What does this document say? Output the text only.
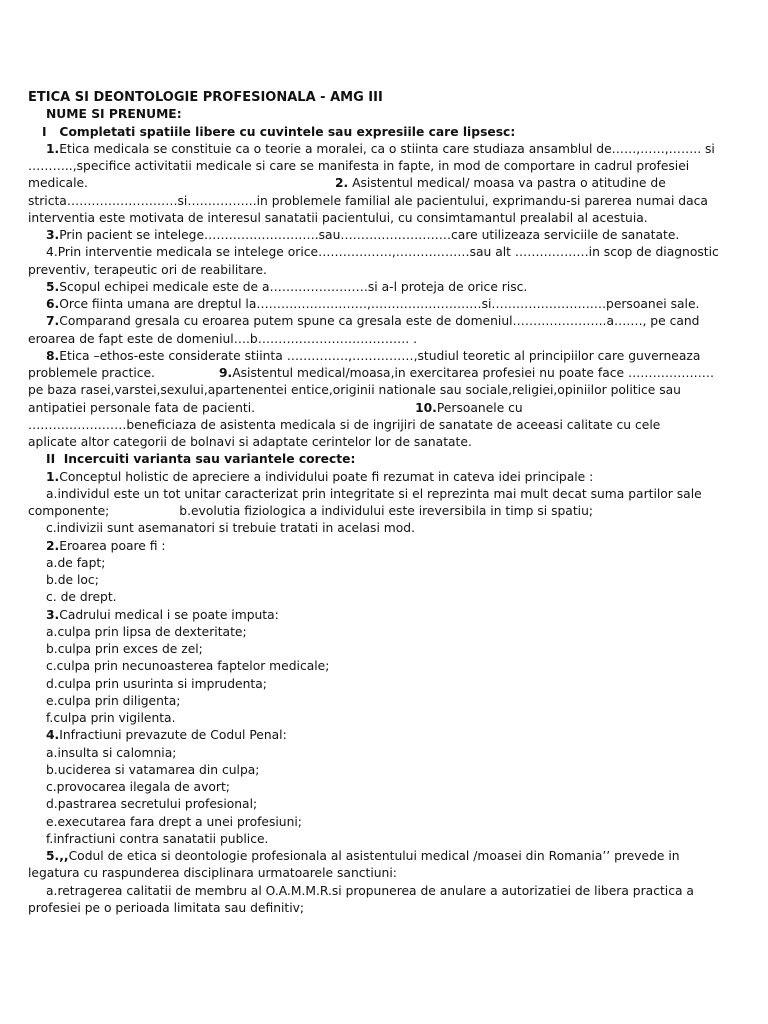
ETICA SI DEONTOLOGIE PROFESIONALA - AMG III
NUME SI PRENUME:
I Completati spatiile libere cu cuvintele sau expresiile care lipsesc:
1.Etica medicala se constituie ca o teorie a moralei, ca o stiinta care studiaza ansamblul de……,……,…….. si
………..,specifice activitatii medicale si care se manifesta in fapte, in mod de comportare in cadrul profesiei
medicale.	2. Asistentul medical/ moasa va pastra o atitudine de
stricta………………………si……………..in problemele familial ale pacientului, exprimandu-si parerea numai daca
interventia este motivata de interesul sanatatii pacientului, cu consimtamantul prealabil al acestuia.
3.Prin pacient se intelege……………………….sau………………………care utilizeaza serviciile de sanatate.
4.Prin interventie medicala se intelege orice………………,………………sau alt ………………in scop de diagnostic
preventiv, terapeutic ori de reabilitare.
5.Scopul echipei medicale este de a……………………si a-l proteja de orice risc.
6.Orce fiinta umana are dreptul la………………………,………………………si……………………….persoanei sale.
7.Comparand gresala cu eroarea putem spune ca gresala este de domeniul…………………..a……., pe cand
eroarea de fapt este de domeniul….b………………………………. .
8.Etica –ethos-este considerate stiinta ……………,……………,studiul teoretic al principiilor care guverneaza
problemele practice.	9.Asistentul medical/moasa,in exercitarea profesiei nu poate face …………………
pe baza rasei,varstei,sexului,apartenentei entice,originii nationale sau sociale,religiei,opiniilor politice sau
antipatiei personale fata de pacienti.	10.Persoanele cu
……………………beneficiaza de asistenta medicala si de ingrijiri de sanatate de aceeasi calitate cu cele
aplicate altor categorii de bolnavi si adaptate cerintelor lor de sanatate.
II Incercuiti varianta sau variantele corecte:
1.Conceptul holistic de apreciere a individului poate fi rezumat in cateva idei principale :
a.individul este un tot unitar caracterizat prin integritate si el reprezinta mai mult decat suma partilor sale
componente;	b.evolutia fiziologica a individului este ireversibila in timp si spatiu;
c.indivizii sunt asemanatori si trebuie tratati in acelasi mod.
2.Eroarea poare fi :
a.de fapt;
b.de loc;
c. de drept.
3.Cadrului medical i se poate imputa:
a.culpa prin lipsa de dexteritate;
b.culpa prin exces de zel;
c.culpa prin necunoasterea faptelor medicale;
d.culpa prin usurinta si imprudenta;
e.culpa prin diligenta;
f.culpa prin vigilenta.
4.Infractiuni prevazute de Codul Penal:
a.insulta si calomnia;
b.uciderea si vatamarea din culpa;
c.provocarea ilegala de avort;
d.pastrarea secretului profesional;
e.executarea fara drept a unei profesiuni;
f.infractiuni contra sanatatii publice.
5.,,Codul de etica si deontologie profesionala al asistentului medical /moasei din Romania’’ prevede in
legatura cu raspunderea disciplinara urmatoarele sanctiuni:
a.retragerea calitatii de membru al O.A.M.M.R.si propunerea de anulare a autorizatiei de libera practica a
profesiei pe o perioada limitata sau definitiv;
